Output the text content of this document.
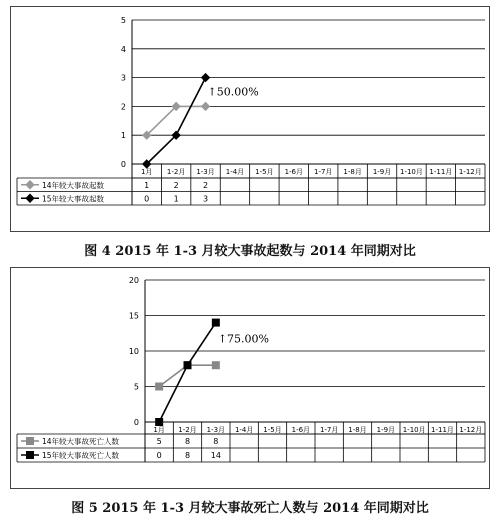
0
1
2
3
4
5
1月 1-2月 1-3月 1-4月 1-5月 1-6月 1-7月 1-8月 1-9月 1-10月 1-11月 1-12月
14年较大事故起数	1	2	2
15年较大事故起数	0	1	3
↑50.00%
图 4 2015 年 1-3 月较大事故起数与 2014 年同期对比
0
5
10
15
20
1月 1-2月 1-3月 1-4月 1-5月 1-6月 1-7月 1-8月 1-9月 1-10月 1-11月 1-12月
14年较大事故死亡人数	5	8	8
15年较大事故死亡人数	0	8	14
↑75.00%
图 5 2015 年 1-3 月较大事故死亡人数与 2014 年同期对比
